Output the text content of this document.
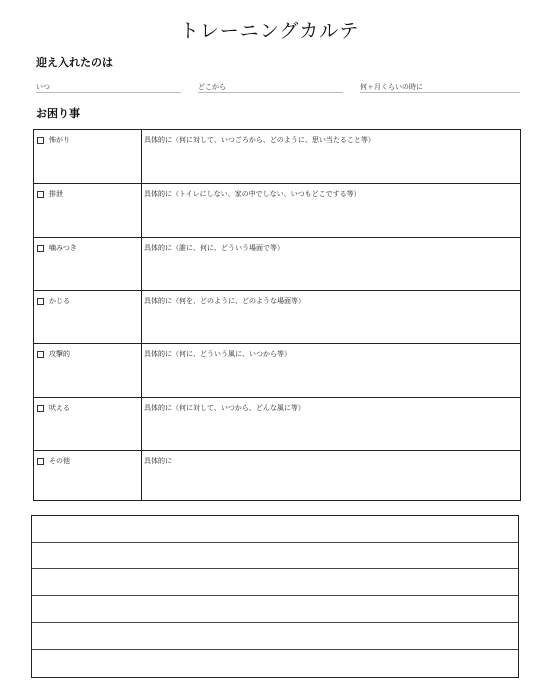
トレーニングカルテ
迎え入れたのは
いつ	どこから	何ヶ月くらいの時に
お困り事
怖がり	具体的に（何に対して、いつごろから、どのように、思い当たること等）
排泄	具体的に（トイレにしない、家の中でしない、いつもどこでする等）
噛みつき	具体的に（誰に、何に、どういう場面で等）
かじる	具体的に（何を、どのように、どのような場面等）
攻撃的	具体的に（何に、どういう風に、いつから等）
吠える	具体的に（何に対して、いつから、どんな風に等）
その他	具体的に
